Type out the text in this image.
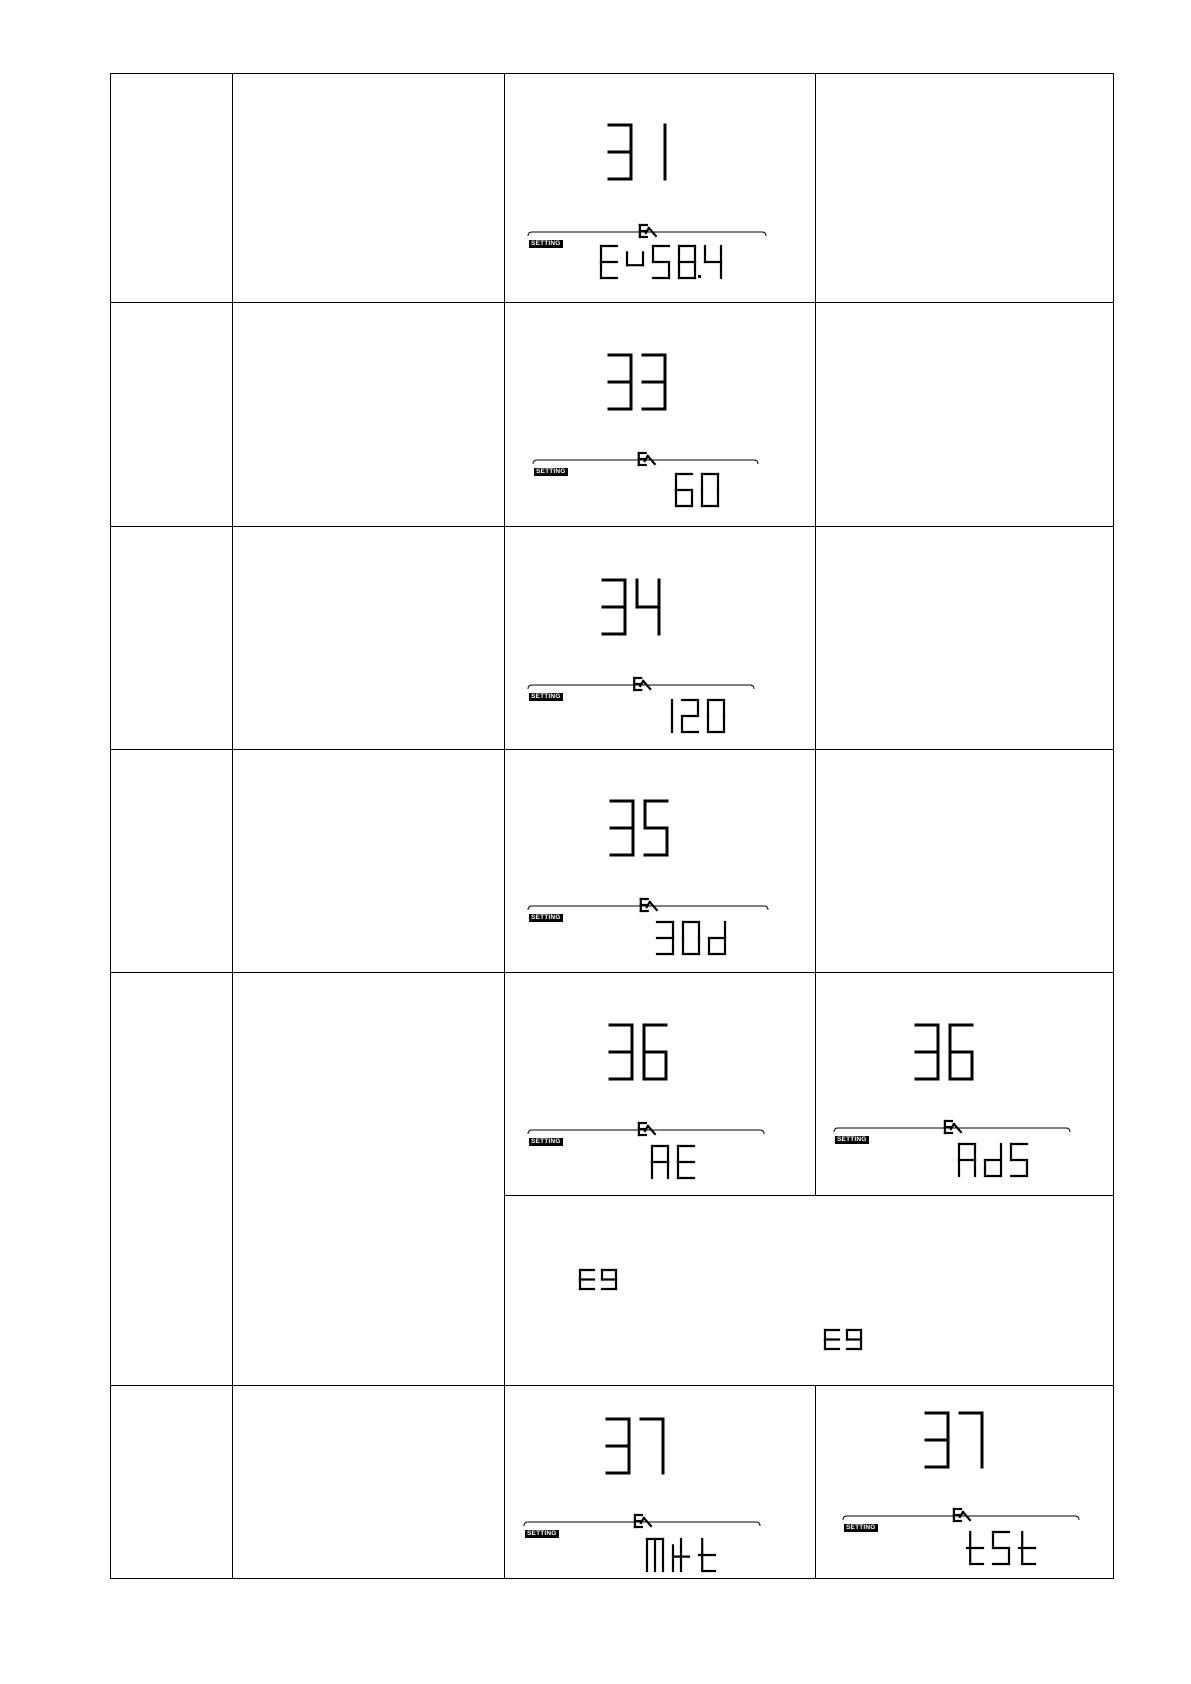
SETTING
SETTING
SETTING
SETTING
SETTING	SETTING
SETTING
SETTING
